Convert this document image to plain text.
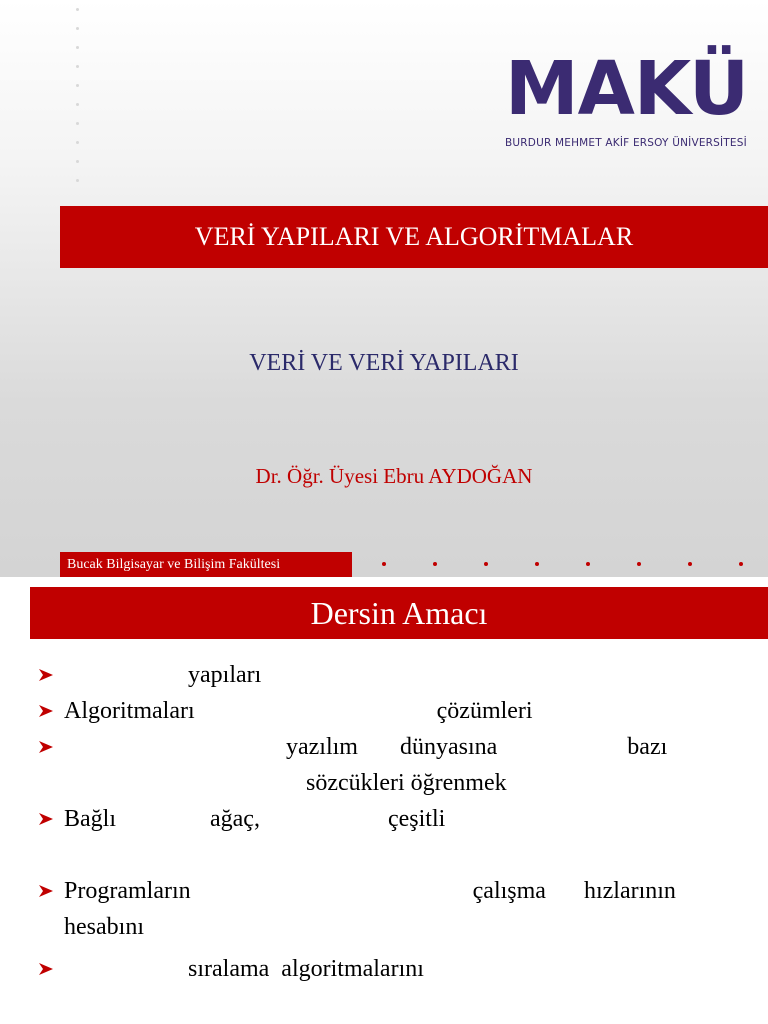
MAKÜ
BURDUR MEHMET AKİF ERSOY ÜNİVERSİTESİ
VERİ YAPILARI VE ALGORİTMALAR
VERİ VE VERİ YAPILARI
Dr. Öğr. Üyesi Ebru AYDOĞAN
Bucak Bilgisayar ve Bilişim Fakültesi
Dersin Amacı
yapıları
Algoritmaları	çözümleri
yazılım dünyasına	bazı
sözcükleri öğrenmek
Bağlı	ağaç,	çeşitli
Programların	çalışma hızlarının
hesabını
sıralama algoritmalarını
